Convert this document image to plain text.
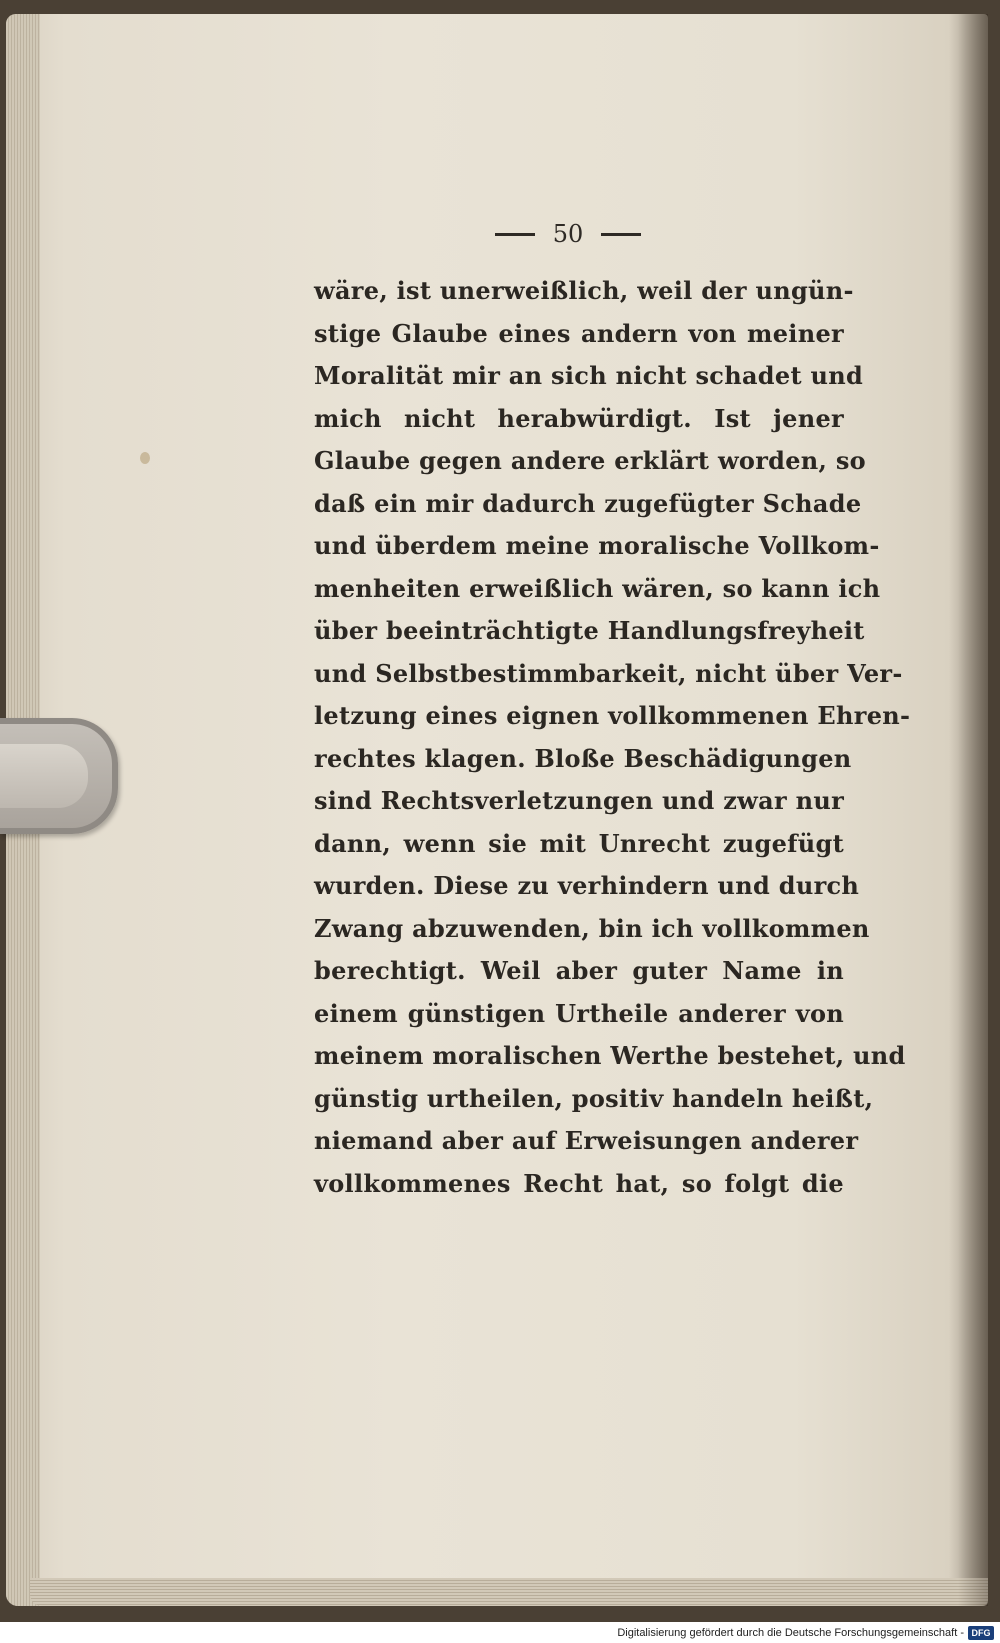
50
wäre, ist unerweißlich, weil der ungün-
stige Glaube eines andern von meiner
Moralität mir an sich nicht schadet und
mich nicht herabwürdigt. Ist jener
Glaube gegen andere erklärt worden, so
daß ein mir dadurch zugefügter Schade
und überdem meine moralische Vollkom-
menheiten erweißlich wären, so kann ich
über beeinträchtigte Handlungsfreyheit
und Selbstbestimmbarkeit, nicht über Ver-
letzung eines eignen vollkommenen Ehren-
rechtes klagen. Bloße Beschädigungen
sind Rechtsverletzungen und zwar nur
dann, wenn sie mit Unrecht zugefügt
wurden. Diese zu verhindern und durch
Zwang abzuwenden, bin ich vollkommen
berechtigt. Weil aber guter Name in
einem günstigen Urtheile anderer von
meinem moralischen Werthe bestehet, und
günstig urtheilen, positiv handeln heißt,
niemand aber auf Erweisungen anderer
vollkommenes Recht hat, so folgt die
Digitalisierung gefördert durch die Deutsche Forschungsgemeinschaft - DFG
